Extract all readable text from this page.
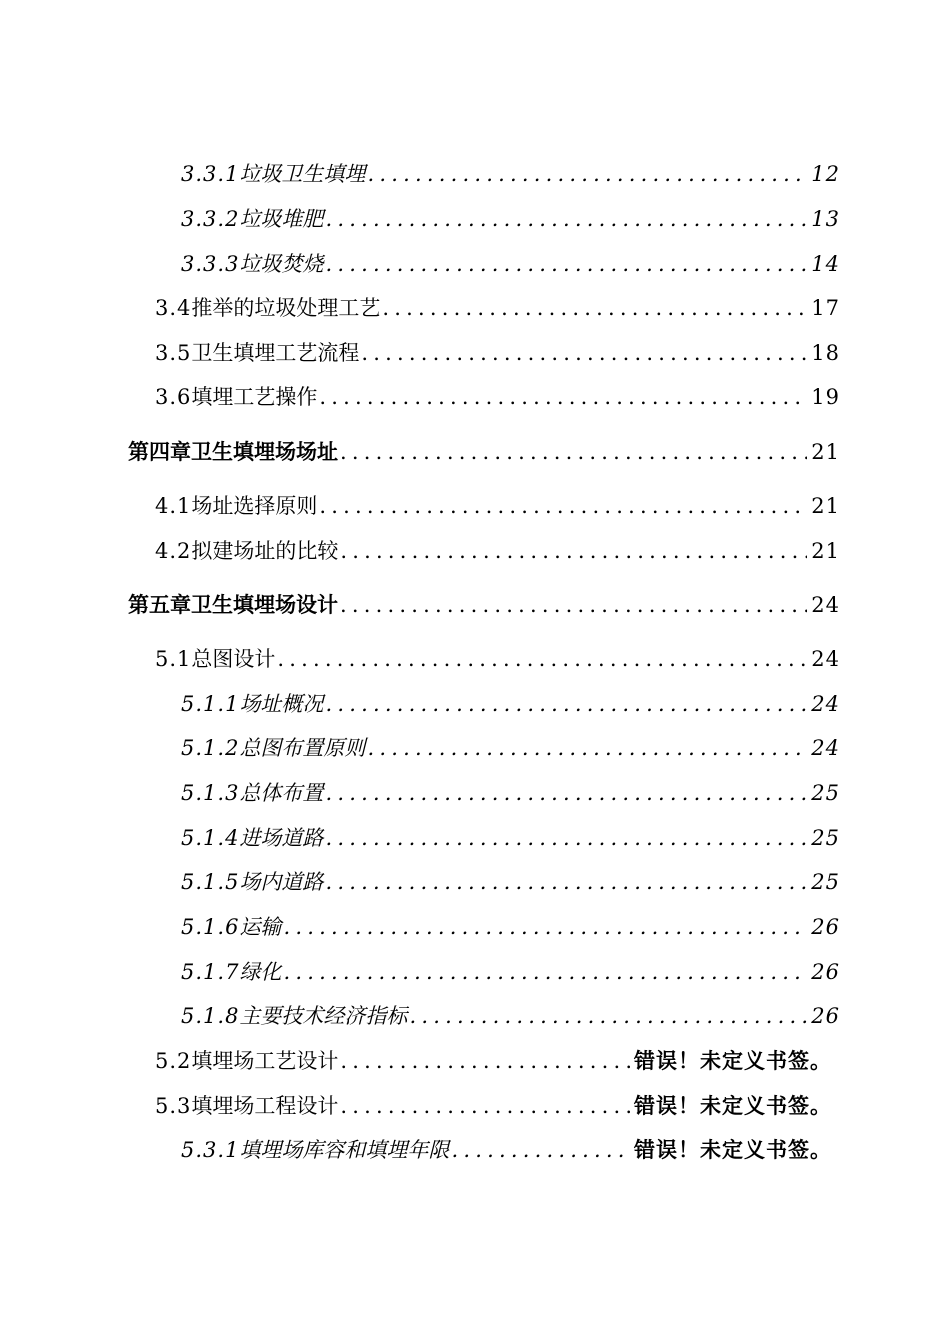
3.3.1 垃圾卫生填埋 .....	12
3.3.2 垃圾堆肥 .....	13
3.3.3 垃圾焚烧 .....	14
3.4 推举的垃圾处理工艺 .....	17
3.5 卫生填埋工艺流程 .....	18
3.6 填埋工艺操作 .....	19
第四章 卫生填埋场场址 .....	21
4.1 场址选择原则 .....	21
4.2 拟建场址的比较 .....	21
第五章 卫生填埋场设计 .....	24
5.1 总图设计 .....	24
5.1.1 场址概况 .....	24
5.1.2 总图布置原则 .....	24
5.1.3 总体布置 .....	25
5.1.4 进场道路 .....	25
5.1.5 场内道路 .....	25
5.1.6 运输 .....	26
5.1.7 绿化 .....	26
5.1.8 主要技术经济指标 .....	26
5.2 填埋场工艺设计 .....	错误！未定义书签。
5.3 填埋场工程设计 .....	错误！未定义书签。
5.3.1 填埋场库容和填埋年限 .....	错误！未定义书签。
